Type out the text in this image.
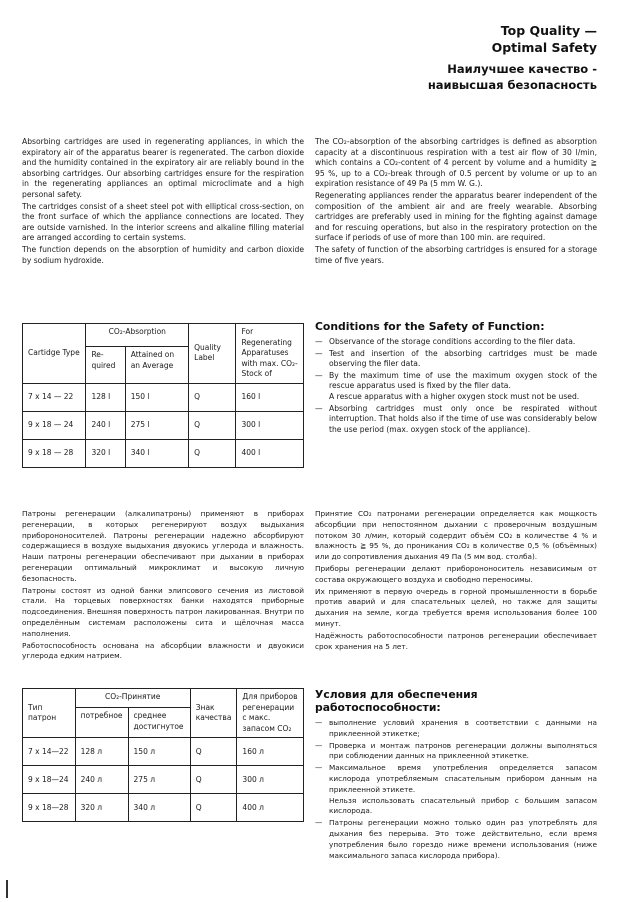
Top Quality —
Optimal Safety
Наилучшее качество -
наивысшая безопасность

Absorbing cartridges are used in regenerating appliances, in which the expiratory air of the apparatus bearer is regenerated. The carbon dioxide and the humidity contained in the expiratory air are reliably bound in the absorbing cartridges. Our absorbing cartridges ensure for the respiration in the regenerating appliances an optimal microclimate and a high personal safety.

The cartridges consist of a sheet steel pot with elliptical cross-section, on the front surface of which the appliance connections are located. They are outside varnished. In the interior screens and alkaline filling material are arranged according to certain systems.

The function depends on the absorption of humidity and carbon dioxide by sodium hydroxide.

The CO₂-absorption of the absorbing cartridges is defined as absorption capacity at a discontinuous respiration with a test air flow of 30 l/min, which contains a CO₂-content of 4 percent by volume and a humidity ≧ 95 %, up to a CO₂-break through of 0.5 percent by volume or up to an expiration resistance of 49 Pa (5 mm W. G.).

Regenerating appliances render the apparatus bearer independent of the composition of the ambient air and are freely wearable. Absorbing cartridges are preferably used in mining for the fighting against damage and for rescuing operations, but also in the respiratory protection on the surface if periods of use of more than 100 min. are required.

The safety of function of the absorbing cartridges is ensured for a storage time of five years.

Conditions for the Safety of Function:
— Observance of the storage conditions according to the filer data.
— Test and insertion of the absorbing cartridges must be made observing the filer data.
— By the maximum time of use the maximum oxygen stock of the rescue apparatus used is fixed by the filer data.
A rescue apparatus with a higher oxygen stock must not be used.
— Absorbing cartridges must only once be respirated without interruption. That holds also if the time of use was considerably below the use period (max. oxygen stock of the appliance).
Cartidge Type	CO₂-Absorption		Quality Label	For Regenerating Apparatuses with max. CO₂-Stock of
	Re-quired	Attained on an Average		
7 x 14 — 22	128 l	150 l	Q	160 l
9 x 18 — 24	240 l	275 l	Q	300 l
9 x 18 — 28	320 l	340 l	Q	400 l

Патроны регенерации (алкалипатроны) применяют в приборах регенерации, в которых регенерируют воздух выдыхания приборононосителей. Патроны регенерации надежно абсорбируют содержащиеся в воздухе выдыхания двуокись углерода и влажность. Наши патроны регенерации обеспечивают при дыхании в приборах регенерации оптимальный микроклимат и высокую личную безопасность.

Патроны состоят из одной банки элипсового сечения из листовой стали. На торцевых поверхностях банки находятся приборные подсоединения. Внешняя поверхность патрон лакированная. Внутри по определённым системам расположены сита и щёлочная масса наполнения.

Работоспособность основана на абсорбции влажности и двуокиси углерода едким натрием.

Принятие CO₂ патронами регенерации определяется как мощкость абсорбции при непостоянном дыхании с проверочным воздушным потоком 30 л/мин, который содердит объём CO₂ в количестве 4 % и влажность ≧ 95 %, до проникания CO₂ в количестве 0,5 % (объёмных) или до сопротивления дыхания 49 Па (5 мм вод. столба).

Приборы регенерации делают приборононоситель независимым от состава окружающего воздуха и свободно переносимы.

Их применяют в первую очередь в горной промышленности в борьбе против аварий и для спасательных целей, но также для защиты дыхания на земле, когда требуется время использования более 100 минут.

Надёжность работоспособности патронов регенерации обеспечивает срок хранения на 5 лет.

Условия для обеспечения работоспособности:
— выполнение условий хранения в соответствии с данными на приклеенной этикетке;
— Проверка и монтаж патронов регенерации должны выполняться при соблюдении данных на приклеенной этикетке.
— Максимальное время употребления определяется запасом кислорода употребляемым спасательным прибором данным на приклеенной этикете.
Нельзя использовать спасательный прибор с большим запасом кислорода.
— Патроны регенерации можно только один раз употреблять для дыхания без перерыва. Это тоже действительно, если время употребления было горездо ниже времени использования (ниже максимального запаса кислорода прибора).
Тип патрон	CO₂-Принятие		Знак качества	Для приборов регенерации с макс. запасом CO₂
	потребное	среднее достигнутое		
7 x 14—22	128 л	150 л	Q	160 л
9 x 18—24	240 л	275 л	Q	300 л
9 x 18—28	320 л	340 л	Q	400 л
